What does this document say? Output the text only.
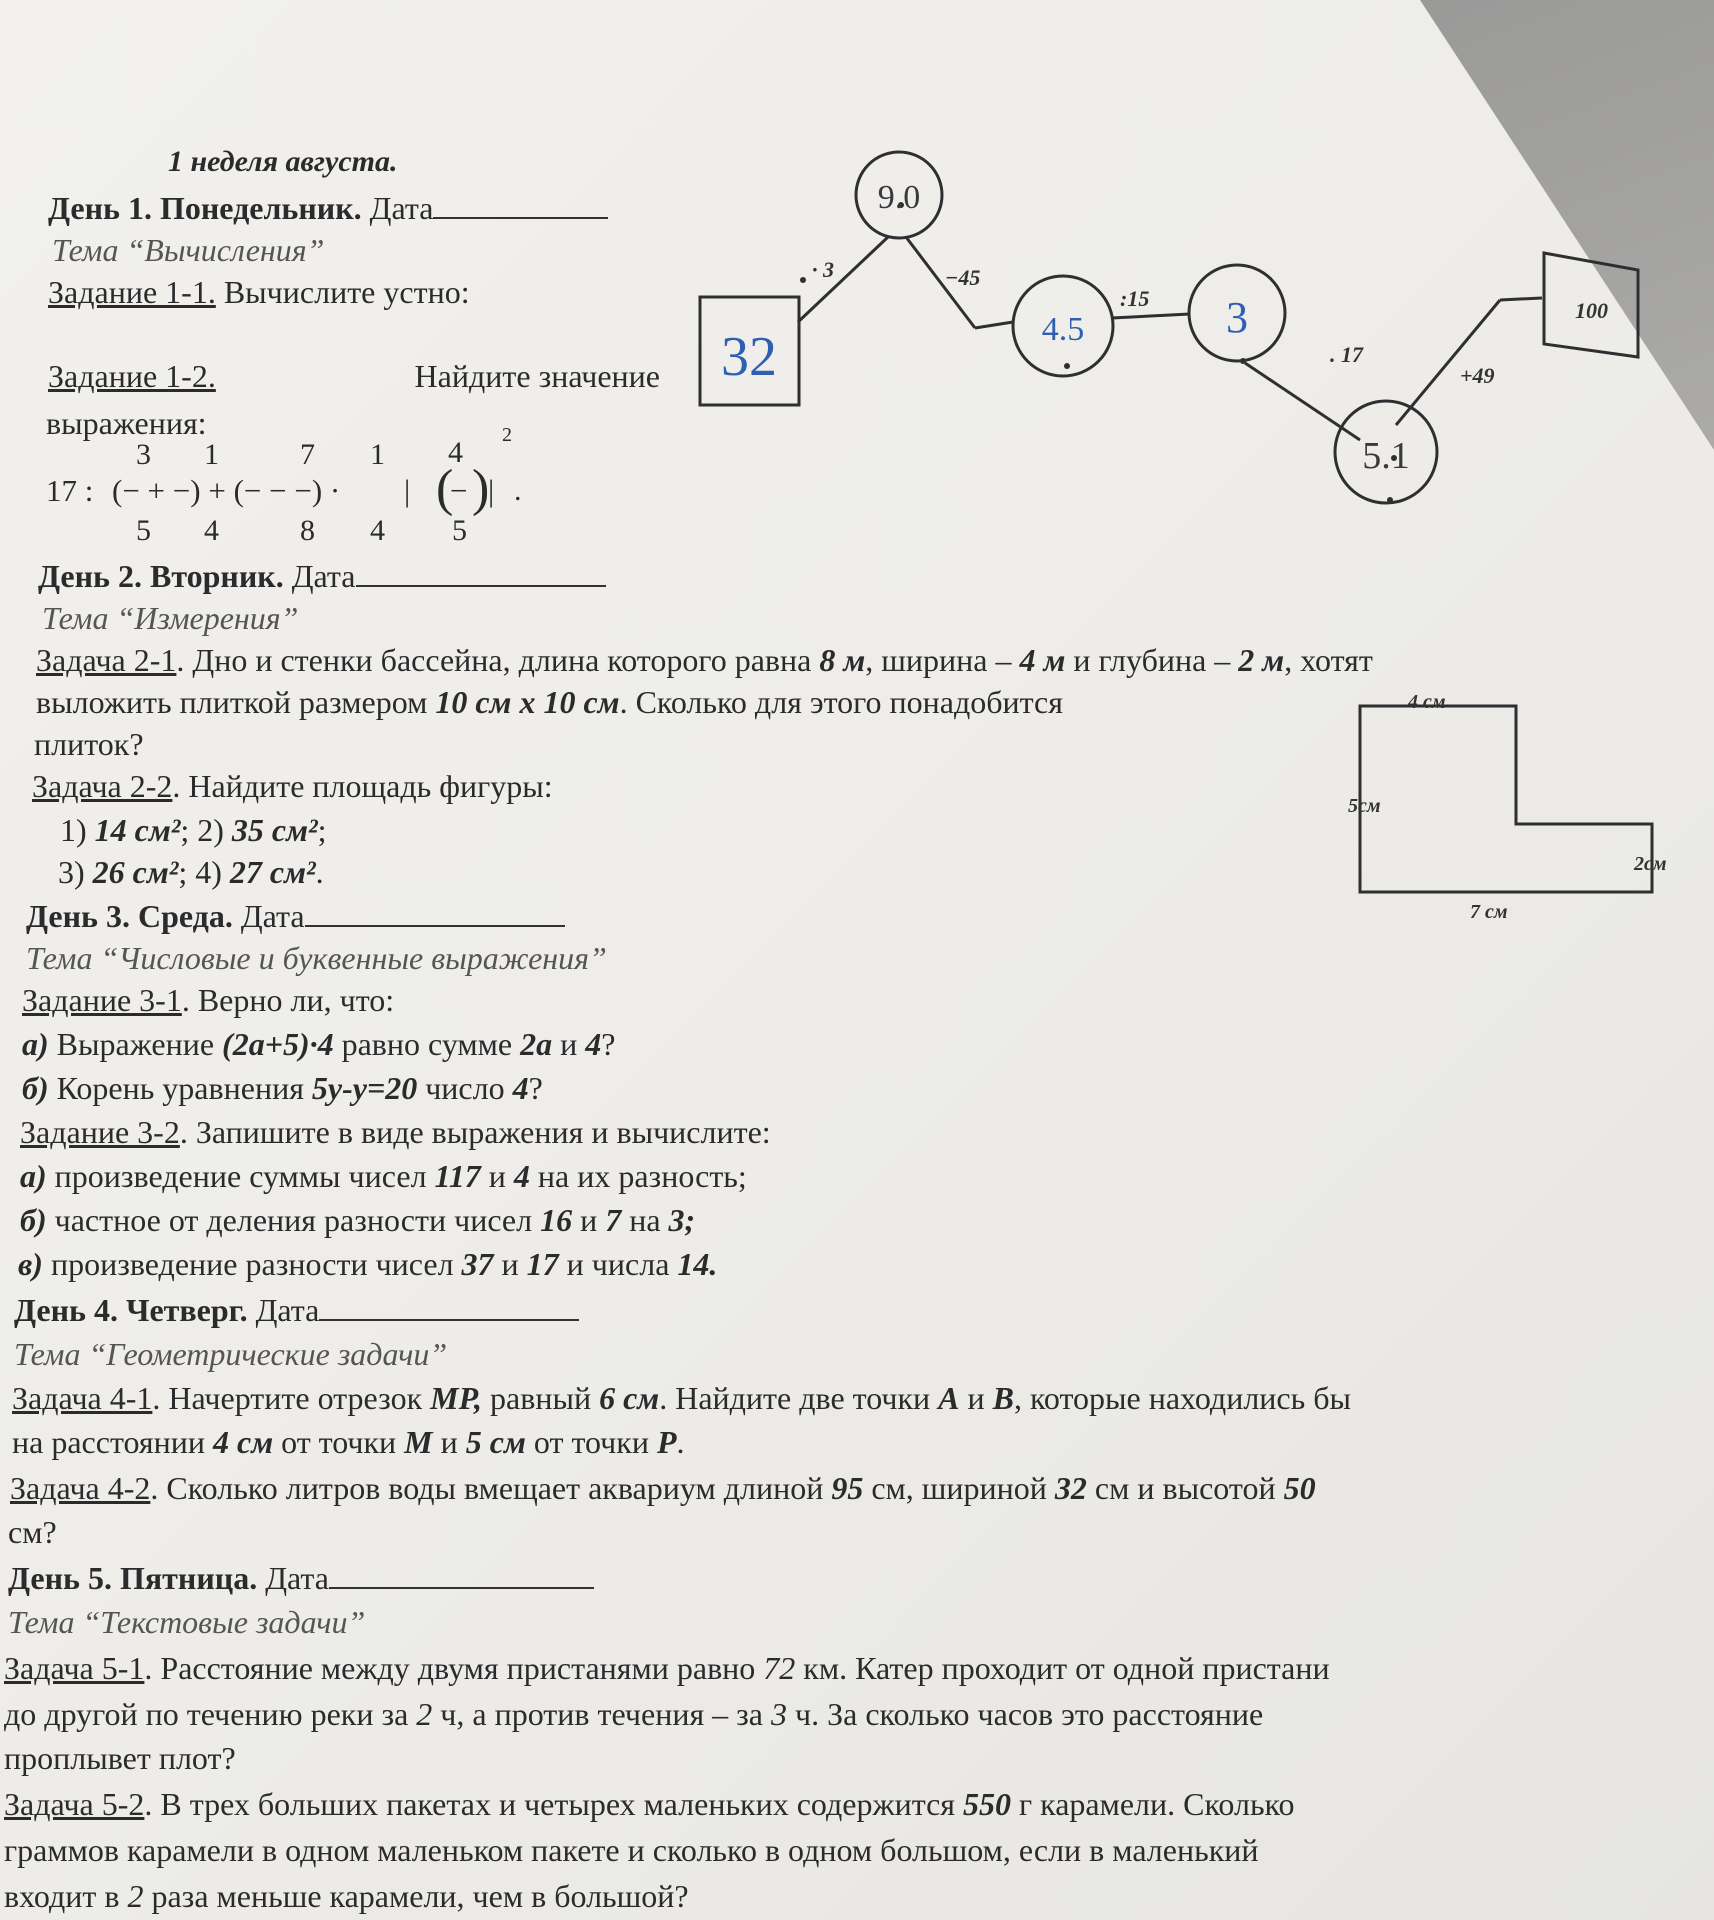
1 неделя августа.
День 1. Понедельник. Дата
Тема “Вычисления”
Задание 1-1. Вычислите устно:
Задание 1-2.	Найдите значение
выражения:
3 1	7 1 4
2
17 : (− + −) + (− − −) · |	|
( )
− .
5 4	8 4 5
32
9.0
4.5	3
5.1
· 3	−45
:15
. 17
+49
100
День 2. Вторник. Дата
Тема “Измерения”
Задача 2-1. Дно и стенки бассейна, длина которого равна 8 м, ширина – 4 м и глубина – 2 м, хотят
выложить плиткой размером 10 см х 10 см. Сколько для этого понадобится
плиток?
Задача 2-2. Найдите площадь фигуры:
1) 14 см²; 2) 35 см²;
3) 26 см²; 4) 27 см².
4 см
5см
2см
7 см
День 3. Среда. Дата
Тема “Числовые и буквенные выражения”
Задание 3-1. Верно ли, что:
а) Выражение (2а+5)·4 равно сумме 2а и 4?
б) Корень уравнения 5у-у=20 число 4?
Задание 3-2. Запишите в виде выражения и вычислите:
а) произведение суммы чисел 117 и 4 на их разность;
б) частное от деления разности чисел 16 и 7 на 3;
в) произведение разности чисел 37 и 17 и числа 14.
День 4. Четверг. Дата
Тема “Геометрические задачи”
Задача 4-1. Начертите отрезок MP, равный 6 см. Найдите две точки A и B, которые находились бы
на расстоянии 4 см от точки M и 5 см от точки P.
Задача 4-2. Сколько литров воды вмещает аквариум длиной 95 см, шириной 32 см и высотой 50
см?
День 5. Пятница. Дата
Тема “Текстовые задачи”
Задача 5-1. Расстояние между двумя пристанями равно 72 км. Катер проходит от одной пристани
до другой по течению реки за 2 ч, а против течения – за 3 ч. За сколько часов это расстояние
проплывет плот?
Задача 5-2. В трех больших пакетах и четырех маленьких содержится 550 г карамели. Сколько
граммов карамели в одном маленьком пакете и сколько в одном большом, если в маленький
входит в 2 раза меньше карамели, чем в большой?
